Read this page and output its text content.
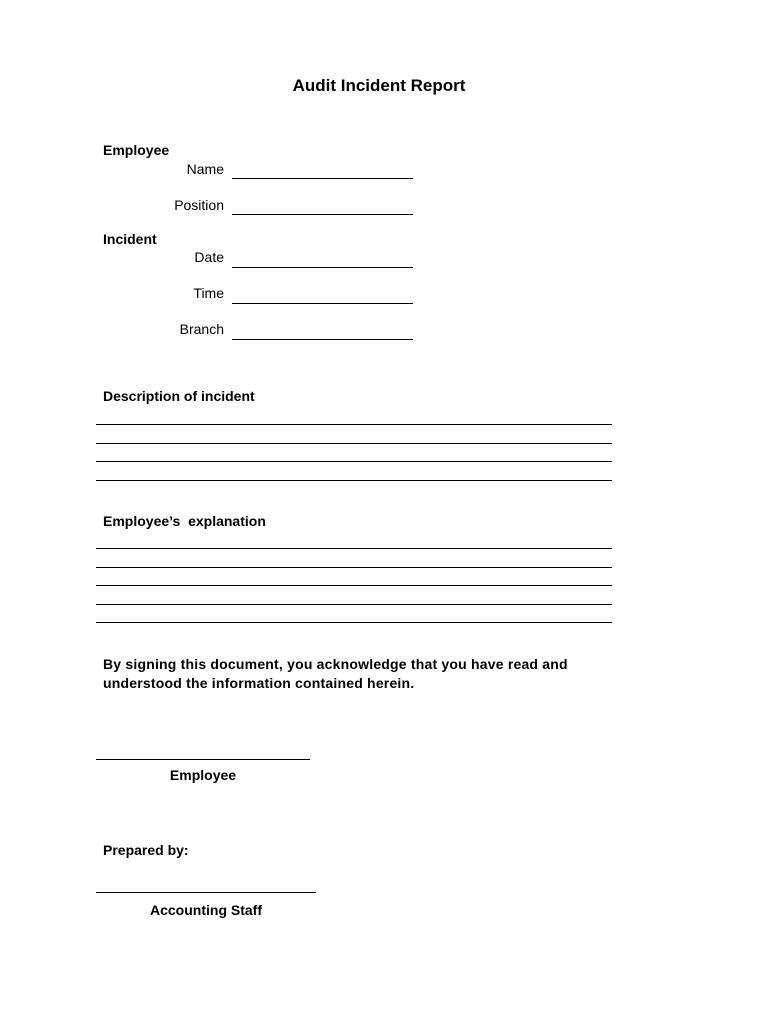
Audit Incident Report
Employee
Name
Position
Incident
Date
Time
Branch
Description of incident
Employee’s  explanation
By signing this document, you acknowledge that you have read and
understood the information contained herein.
Employee
Prepared by:
Accounting Staff
